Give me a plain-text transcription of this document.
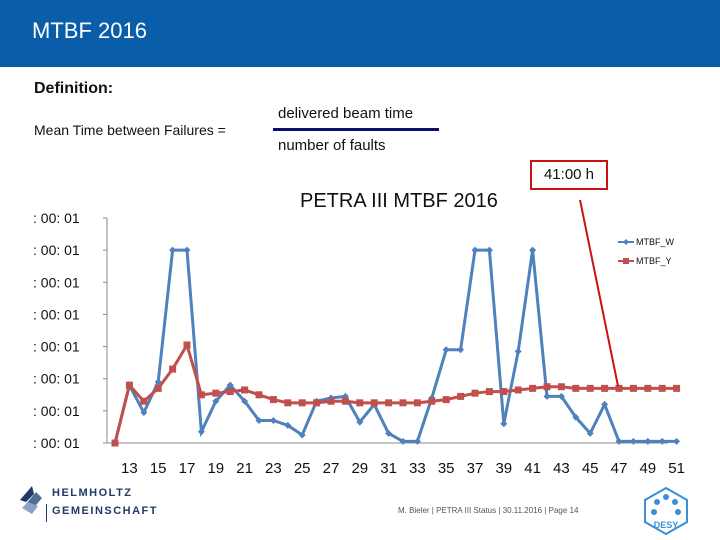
MTBF 2016
Definition:
Mean Time between Failures =
delivered beam time
number of faults
PETRA III MTBF 2016
: 00: 01
: 00: 01
: 00: 01
: 00: 01
: 00: 01
: 00: 01
: 00: 01
: 00: 01
13 15 17 19 21 23 25 27 29 31 33 35 37 39 41 43 45 47 49 51
MTBF_W
MTBF_Y
41:00 h
HELMHOLTZ
GEMEINSCHAFT	M. Bieler | PETRA III Status | 30.11.2016 | Page 14
DESY
